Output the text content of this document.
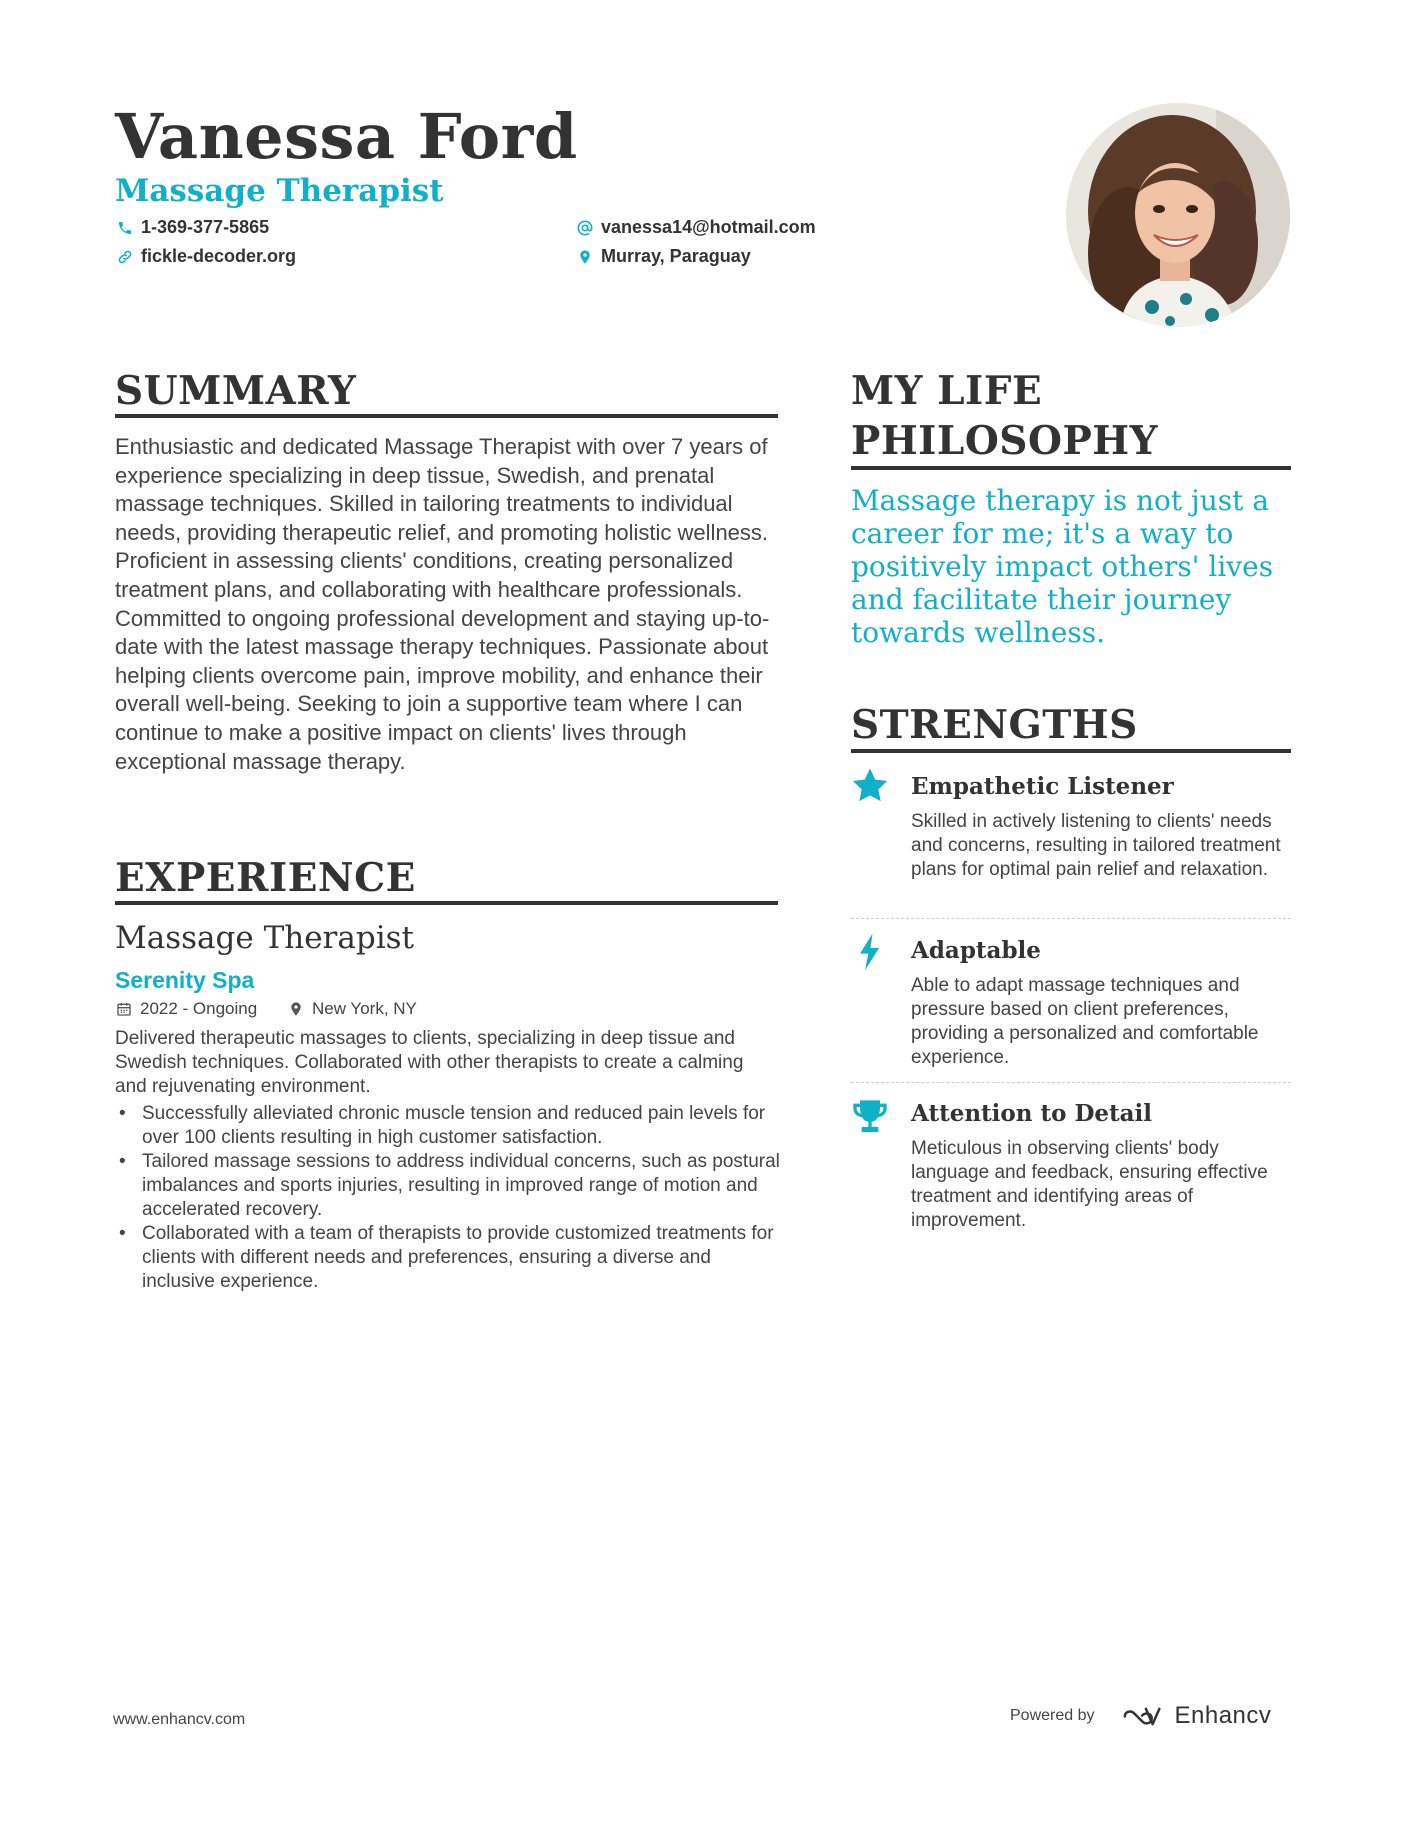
Vanessa Ford
Massage Therapist
1-369-377-5865	vanessa14@hotmail.com
fickle-decoder.org	Murray, Paraguay
SUMMARY
Enthusiastic and dedicated Massage Therapist with over 7 years of experience specializing in deep tissue, Swedish, and prenatal massage techniques. Skilled in tailoring treatments to individual needs, providing therapeutic relief, and promoting holistic wellness. Proficient in assessing clients' conditions, creating personalized treatment plans, and collaborating with healthcare professionals. Committed to ongoing professional development and staying up-to-date with the latest massage therapy techniques. Passionate about helping clients overcome pain, improve mobility, and enhance their overall well-being. Seeking to join a supportive team where I can continue to make a positive impact on clients' lives through exceptional massage therapy.
EXPERIENCE
Massage Therapist
Serenity Spa
2022 - Ongoing	New York, NY
Delivered therapeutic massages to clients, specializing in deep tissue and Swedish techniques. Collaborated with other therapists to create a calming and rejuvenating environment.
• Successfully alleviated chronic muscle tension and reduced pain levels for over 100 clients resulting in high customer satisfaction.
• Tailored massage sessions to address individual concerns, such as postural imbalances and sports injuries, resulting in improved range of motion and accelerated recovery.
• Collaborated with a team of therapists to provide customized treatments for clients with different needs and preferences, ensuring a diverse and inclusive experience.
MY LIFE
PHILOSOPHY
Massage therapy is not just a career for me; it's a way to positively impact others' lives and facilitate their journey towards wellness.
STRENGTHS
Empathetic Listener
Skilled in actively listening to clients' needs and concerns, resulting in tailored treatment plans for optimal pain relief and relaxation.
Adaptable
Able to adapt massage techniques and pressure based on client preferences, providing a personalized and comfortable experience.
Attention to Detail
Meticulous in observing clients' body language and feedback, ensuring effective treatment and identifying areas of improvement.
www.enhancv.com	Powered by	Enhancv
